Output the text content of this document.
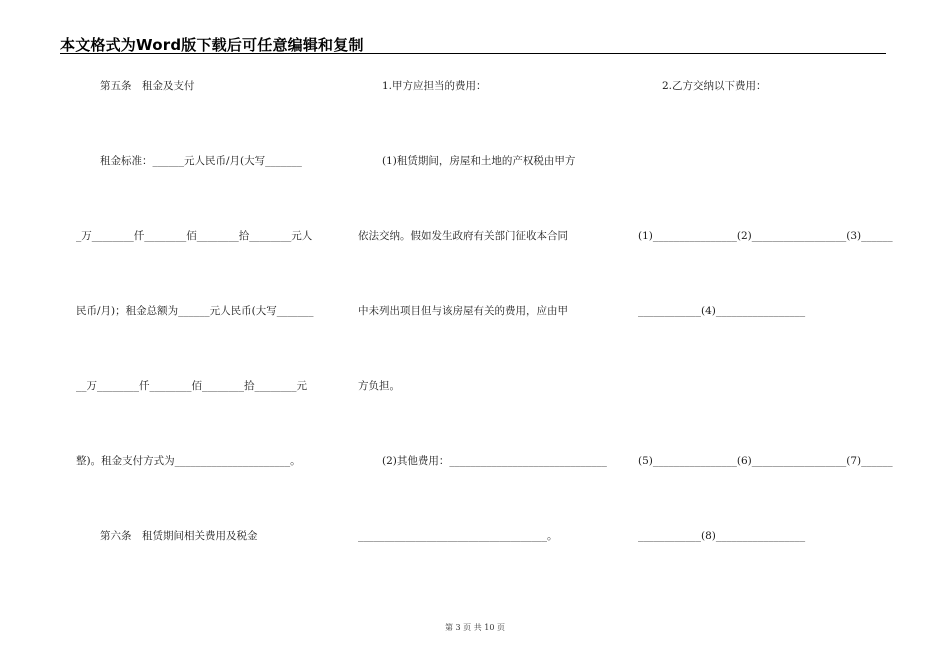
本文格式为Word版下载后可任意编辑和复制
第五条　租金及支付
租金标准：______元人民币/月(大写_______
_万________仟________佰________拾________元人
民币/月)；租金总额为______元人民币(大写_______
__万________仟________佰________拾________元
整)。租金支付方式为______________________。
第六条　租赁期间相关费用及税金
1.甲方应担当的费用：
(1)租赁期间，房屋和土地的产权税由甲方
依法交纳。假如发生政府有关部门征收本合同
中未列出项目但与该房屋有关的费用，应由甲
方负担。
(2)其他费用：______________________________
____________________________________。
2.乙方交纳以下费用：
(1)________________(2)__________________(3)______
____________(4)_________________
(5)________________(6)__________________(7)______
____________(8)_________________
第 3 页 共 10 页
